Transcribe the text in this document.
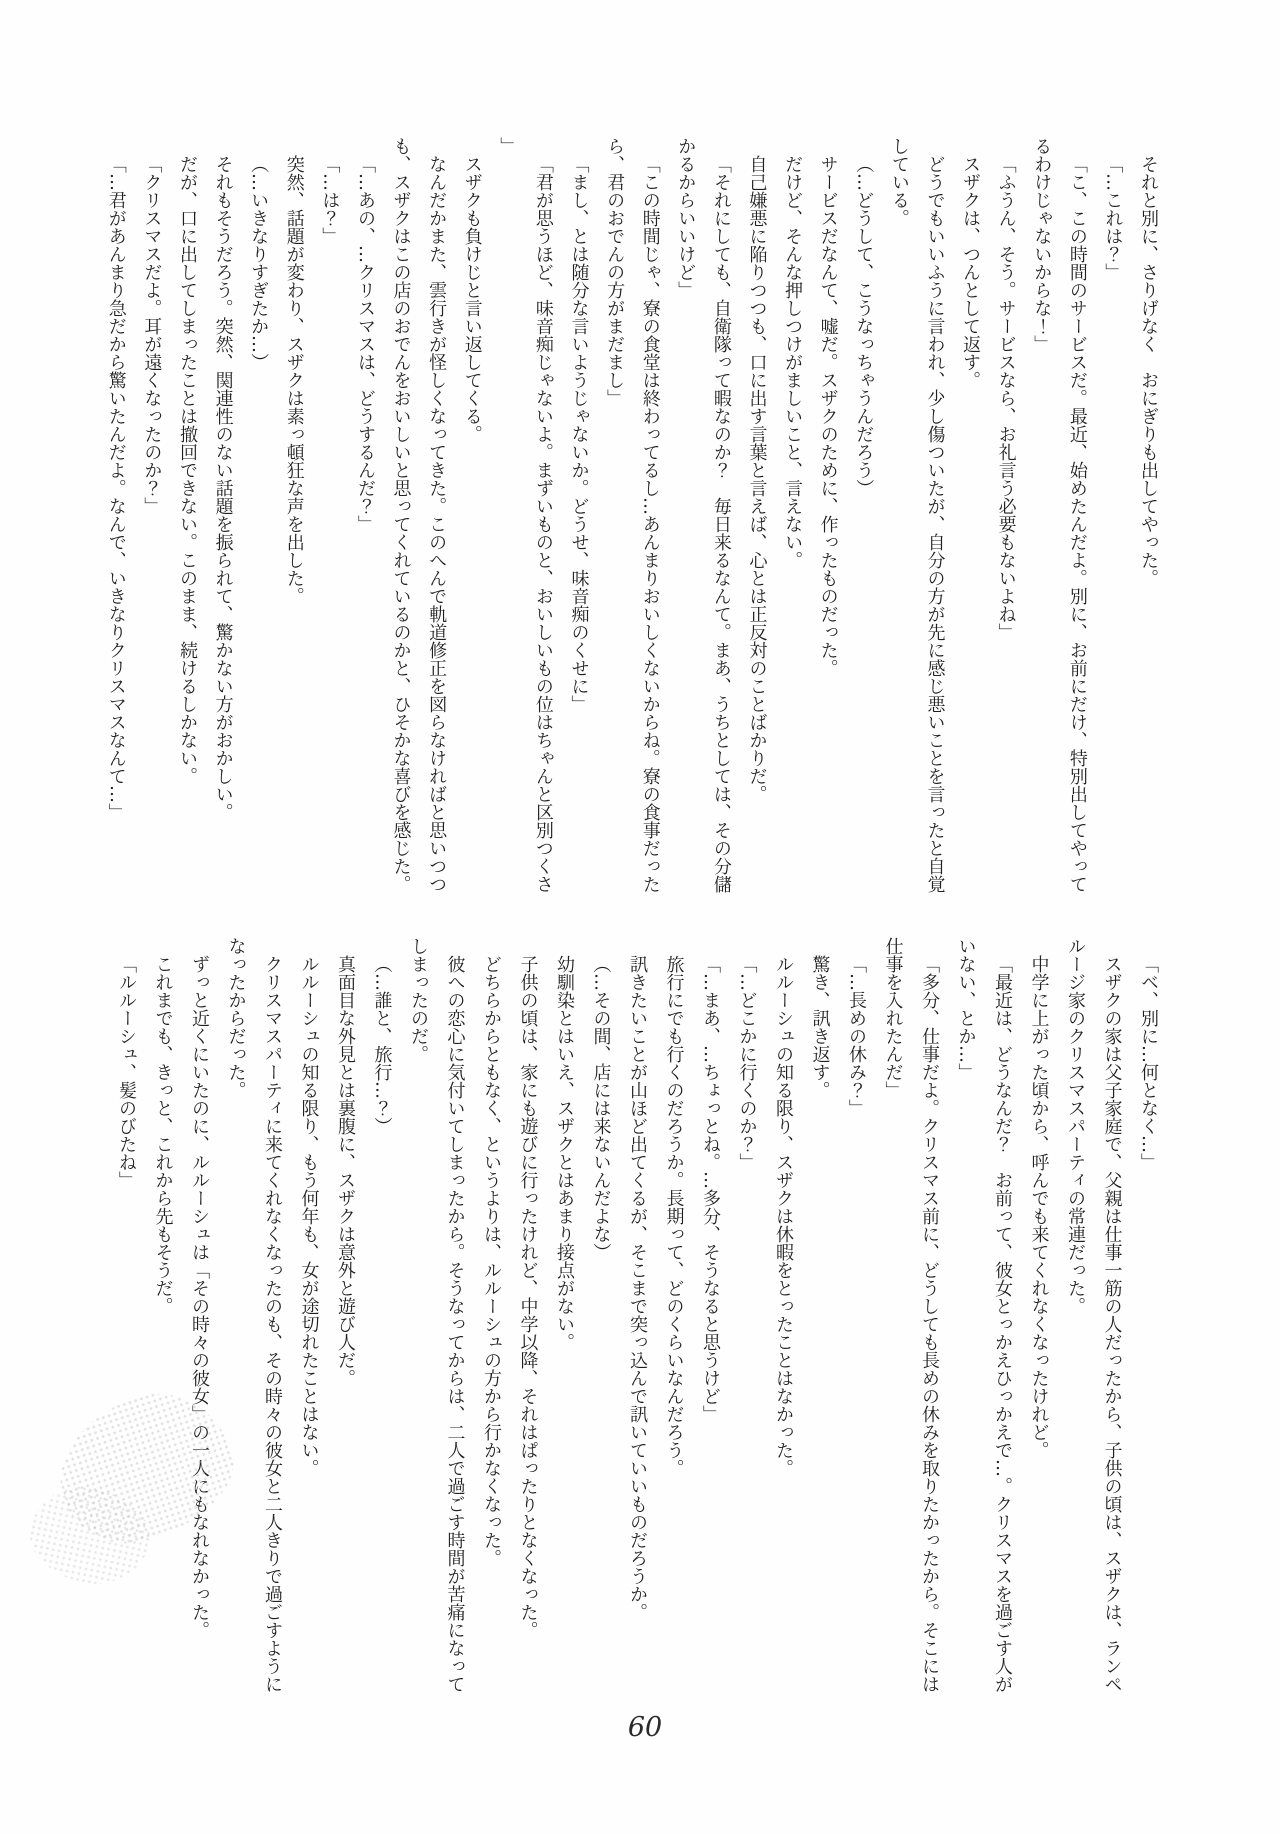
それと別に、さりげなく　おにぎりも出してやった。

「…これは？」

「こ、この時間のサービスだ。最近、始めたんだよ。別に、お前にだけ、特別出してやって
るわけじゃないからな！」

「ふうん、そう。サービスなら、お礼言う必要もないよね」

スザクは、つんとして返す。

どうでもいいふうに言われ、少し傷ついたが、自分の方が先に感じ悪いことを言ったと自覚
している。

（…どうして、こうなっちゃうんだろう）

サービスだなんて、嘘だ。スザクのために、作ったものだった。

だけど、そんな押しつけがましいこと、言えない。

自己嫌悪に陥りつつも、口に出す言葉と言えば、心とは正反対のことばかりだ。

「それにしても、自衛隊って暇なのか？　毎日来るなんて。まあ、うちとしては、その分儲
かるからいいけど」

「この時間じゃ、寮の食堂は終わってるし…あんまりおいしくないからね。寮の食事だった
ら、君のおでんの方がまだまし」

「まし、とは随分な言いようじゃないか。どうせ、味音痴のくせに」

「君が思うほど、味音痴じゃないよ。まずいものと、おいしいもの位はちゃんと区別つくさ
」

スザクも負けじと言い返してくる。

なんだかまた、雲行きが怪しくなってきた。このへんで軌道修正を図らなければと思いつつ
も、スザクはこの店のおでんをおいしいと思ってくれているのかと、ひそかな喜びを感じた。

「…あの、…クリスマスは、どうするんだ？」

「…は？」

突然、話題が変わり、スザクは素っ頓狂な声を出した。

（…いきなりすぎたか…）

それもそうだろう。突然、関連性のない話題を振られて、驚かない方がおかしい。

だが、口に出してしまったことは撤回できない。このまま、続けるしかない。

「クリスマスだよ。耳が遠くなったのか？」

「…君があんまり急だから驚いたんだよ。なんで、いきなりクリスマスなんて…」

「ベ、別に…何となく…」

スザクの家は父子家庭で、父親は仕事一筋の人だったから、子供の頃は、スザクは、ランペ
ルージ家のクリスマスパーティの常連だった。

中学に上がった頃から、呼んでも来てくれなくなったけれど。

「最近は、どうなんだ？　お前って、彼女とっかえひっかえで…。クリスマスを過ごす人が
いない、とか…」

「多分、仕事だよ。クリスマス前に、どうしても長めの休みを取りたかったから。そこには
仕事を入れたんだ」

「…長めの休み？」

驚き、訊き返す。

ルルーシュの知る限り、スザクは休暇をとったことはなかった。

「…どこかに行くのか？」

「…まあ、…ちょっとね。…多分、そうなると思うけど」

旅行にでも行くのだろうか。長期って、どのくらいなんだろう。

訊きたいことが山ほど出てくるが、そこまで突っ込んで訊いていいものだろうか。

（…その間、店には来ないんだよな）

幼馴染とはいえ、スザクとはあまり接点がない。

子供の頃は、家にも遊びに行ったけれど、中学以降、それはぱったりとなくなった。

どちらからともなく、というよりは、ルルーシュの方から行かなくなった。

彼への恋心に気付いてしまったから。そうなってからは、二人で過ごす時間が苦痛になって
しまったのだ。

（…誰と、旅行…？）

真面目な外見とは裏腹に、スザクは意外と遊び人だ。

ルルーシュの知る限り、もう何年も、女が途切れたことはない。

クリスマスパーティに来てくれなくなったのも、その時々の彼女と二人きりで過ごすように
なったからだった。

ずっと近くにいたのに、ルルーシュは「その時々の彼女」の一人にもなれなかった。

これまでも、きっと、これから先もそうだ。

「ルルーシュ、髪のびたね」

60
